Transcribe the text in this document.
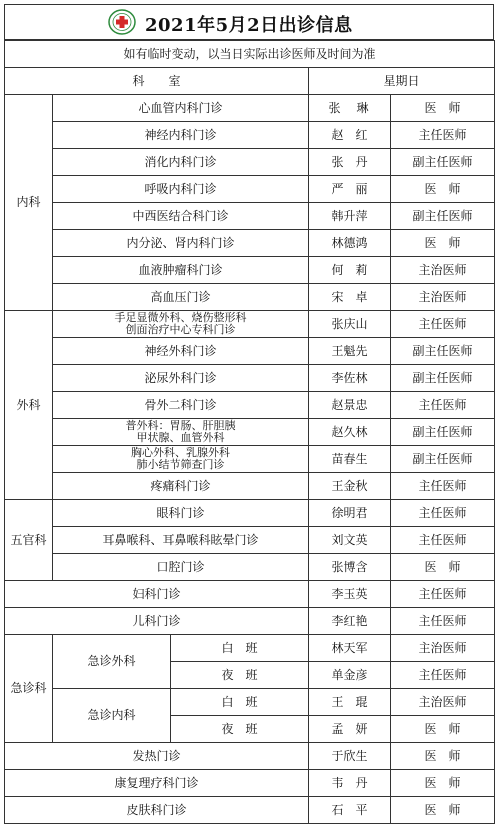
2021年5月2日出诊信息
如有临时变动，以当日实际出诊医师及时间为准				
科　　室			星期日	
内科	心血管内科门诊		张　琳	医　师
	神经内科门诊		赵　红	主任医师
	消化内科门诊		张　丹	副主任医师
	呼吸内科门诊		严　丽	医　师
	中西医结合科门诊		韩升萍	副主任医师
	内分泌、肾内科门诊		林德鸿	医　师
	血液肿瘤科门诊		何　莉	主治医师
	高血压门诊		宋　卓	主治医师
外科	手足显微外科、烧伤整形科
创面治疗中心专科门诊		张庆山	主任医师
	神经外科门诊		王魁先	副主任医师
	泌尿外科门诊		李佐林	副主任医师
	骨外二科门诊		赵景忠	主任医师

	普外科：胃肠、肝胆胰
甲状腺、血管外科		赵久林	副主任医师

	胸心外科、乳腺外科
肺小结节筛查门诊		苗春生	副主任医师
	疼痛科门诊		王金秋	主任医师
五官科	眼科门诊		徐明君	主任医师
	耳鼻喉科、耳鼻喉科眩晕门诊		刘文英	主任医师
	口腔门诊		张博含	医　师
妇科门诊			李玉英	主任医师
儿科门诊			李红艳	主任医师
急诊科	急诊外科	白　班	林天军	主治医师
		夜　班	单金彦	主任医师
	急诊内科	白　班	王　琨	主治医师
		夜　班	孟　妍	医　师
发热门诊			于欣生	医　师
康复理疗科门诊			韦　丹	医　师
皮肤科门诊			石　平	医　师
